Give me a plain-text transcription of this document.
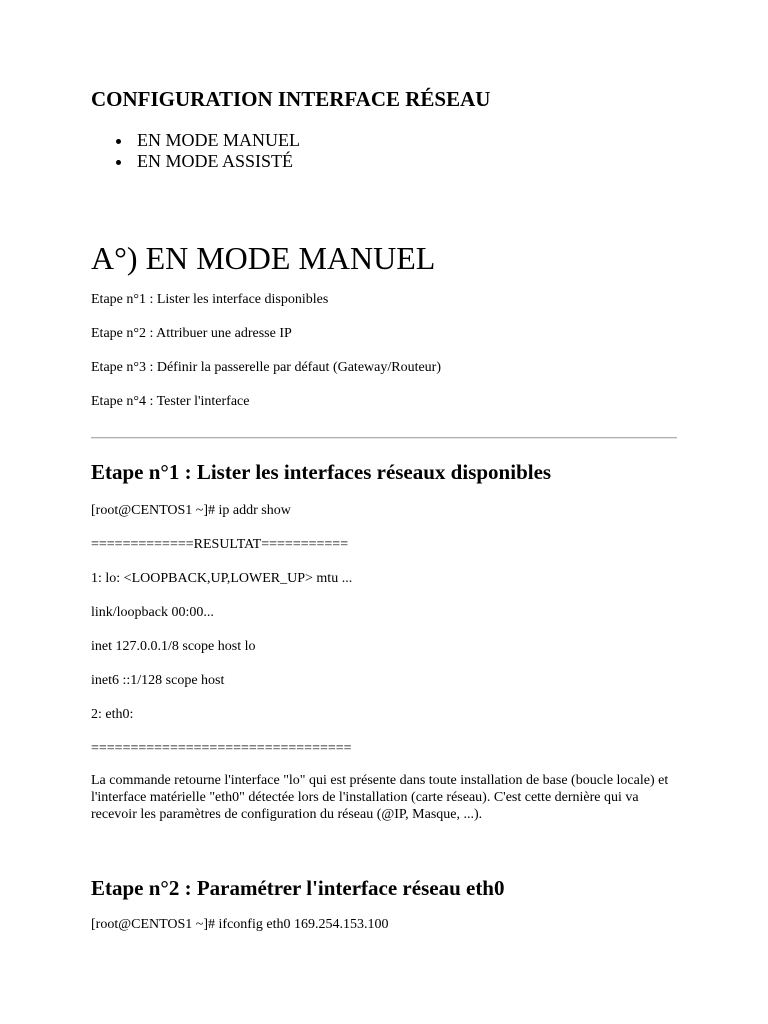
CONFIGURATION INTERFACE RÉSEAU
EN MODE MANUEL
EN MODE ASSISTÉ
A°) EN MODE MANUEL

Etape n°1 : Lister les interface disponibles

Etape n°2 : Attribuer une adresse IP

Etape n°3 : Définir la passerelle par défaut (Gateway/Routeur)

Etape n°4 : Tester l'interface

Etape n°1 : Lister les interfaces réseaux disponibles

[root@CENTOS1 ~]# ip addr show

=============RESULTAT===========

1: lo: <LOOPBACK,UP,LOWER_UP> mtu ...

link/loopback 00:00...

inet 127.0.0.1/8 scope host lo

inet6 ::1/128 scope host

2: eth0:

=================================

La commande retourne l'interface "lo" qui est présente dans toute installation de base (boucle locale) et l'interface matérielle "eth0" détectée lors de l'installation (carte réseau). C'est cette dernière qui va recevoir les paramètres de configuration du réseau (@IP, Masque, ...).

Etape n°2 : Paramétrer l'interface réseau eth0

[root@CENTOS1 ~]# ifconfig eth0 169.254.153.100
